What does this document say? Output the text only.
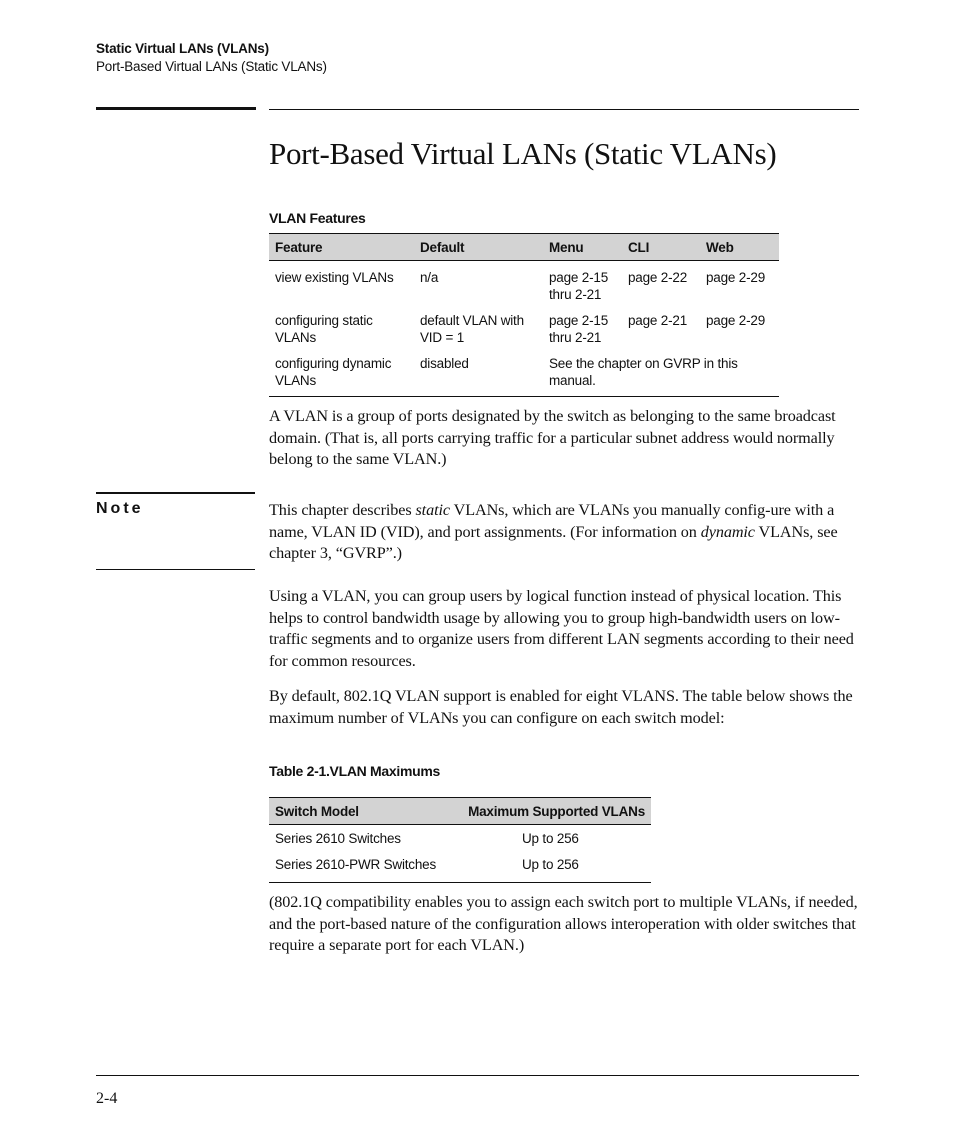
Static Virtual LANs (VLANs)
Port-Based Virtual LANs (Static VLANs)
Port-Based Virtual LANs (Static VLANs)
VLAN Features
Feature	Default	Menu	CLI	Web
view existing VLANs	n/a	page 2-15 thru 2-21	page 2-22	page 2-29
configuring static VLANs	default VLAN with VID = 1	page 2-15 thru 2-21	page 2-21	page 2-29
configuring dynamic VLANs	disabled	See the chapter on GVRP in this manual.		
A VLAN is a group of ports designated by the switch as belonging to the same broadcast domain. (That is, all ports carrying traffic for a particular subnet address would normally belong to the same VLAN.)
Note	This chapter describes static VLANs, which are VLANs you manually config-ure with a name, VLAN ID (VID), and port assignments. (For information on dynamic VLANs, see chapter 3, “GVRP”.)
Using a VLAN, you can group users by logical function instead of physical location. This helps to control bandwidth usage by allowing you to group high-bandwidth users on low-traffic segments and to organize users from different LAN segments according to their need for common resources.
By default, 802.1Q VLAN support is enabled for eight VLANS. The table below shows the maximum number of VLANs you can configure on each switch model:
Table 2-1.VLAN Maximums
Switch Model	Maximum Supported VLANs
Series 2610 Switches	Up to 256
Series 2610-PWR Switches	Up to 256
(802.1Q compatibility enables you to assign each switch port to multiple VLANs, if needed, and the port-based nature of the configuration allows interoperation with older switches that require a separate port for each VLAN.)
2-4
